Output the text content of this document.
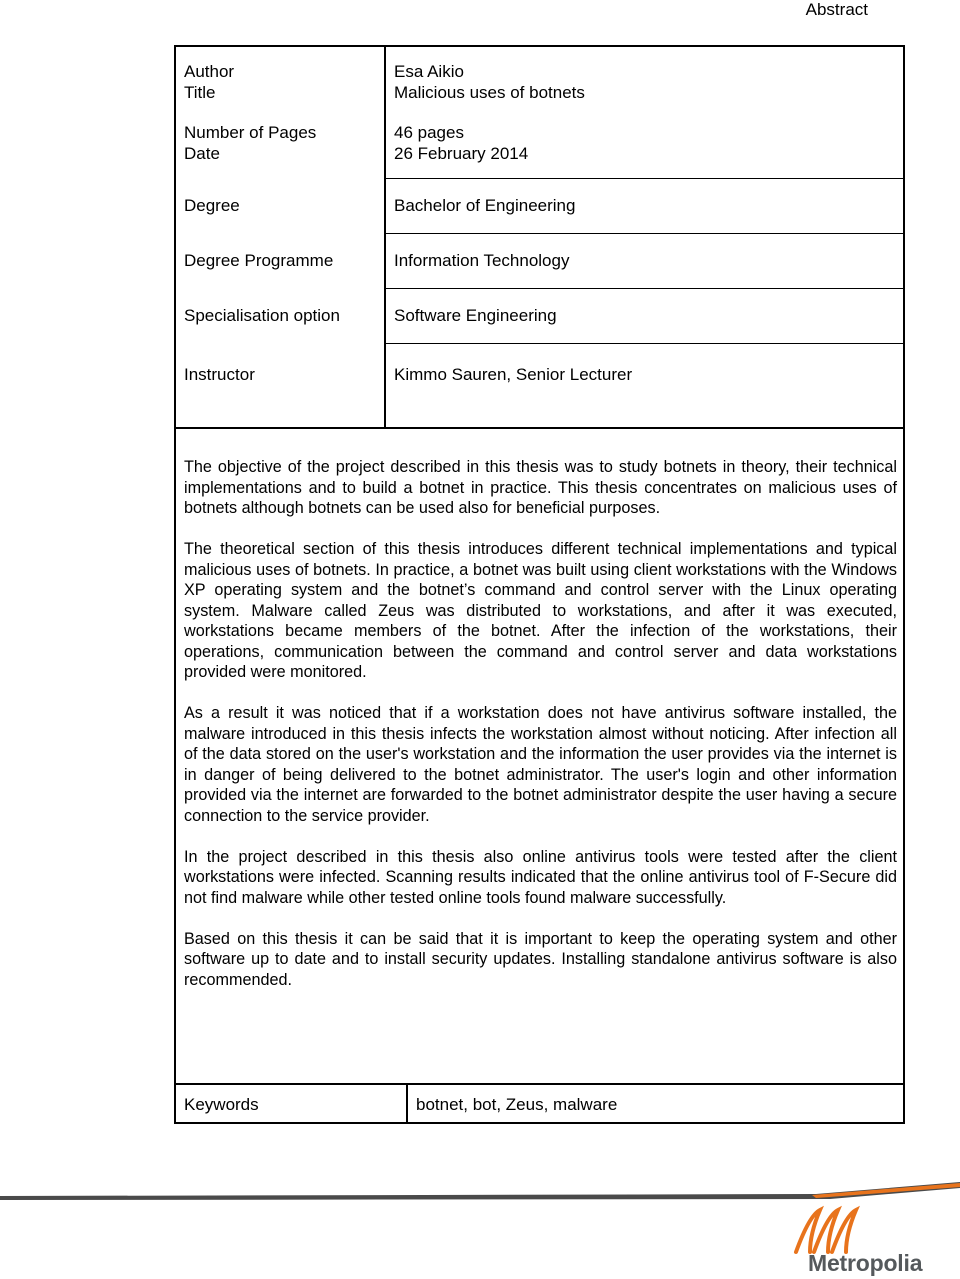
Abstract
Author	Esa Aikio
Title	Malicious uses of botnets
Number of Pages	46 pages
Date	26 February 2014
Degree	Bachelor of Engineering
Degree Programme	Information Technology
Specialisation option	Software Engineering
Instructor	Kimmo Sauren, Senior Lecturer

The objective of the project described in this thesis was to study botnets in theory, their technical implementations and to build a botnet in practice. This thesis concentrates on malicious uses of botnets although botnets can be used also for beneficial purposes.

The theoretical section of this thesis introduces different technical implementations and typical malicious uses of botnets. In practice, a botnet was built using client workstations with the Windows XP operating system and the botnet’s command and control server with the Linux operating system. Malware called Zeus was distributed to workstations, and after it was executed, workstations became members of the botnet. After the infection of the workstations, their operations, communication between the command and control server and data workstations provided were monitored.

As a result it was noticed that if a workstation does not have antivirus software installed, the malware introduced in this thesis infects the workstation almost without noticing. After infection all of the data stored on the user's workstation and the information the user provides via the internet is in danger of being delivered to the botnet administrator. The user's login and other information provided via the internet are forwarded to the botnet administrator despite the user having a secure connection to the service provider.

In the project described in this thesis also online antivirus tools were tested after the client workstations were infected. Scanning results indicated that the online antivirus tool of F-Secure did not find malware while other tested online tools found malware successfully.

Based on this thesis it can be said that it is important to keep the operating system and other software up to date and to install security updates. Installing standalone antivirus software is also recommended.

Keywords	botnet, bot, Zeus, malware
Metropolia
